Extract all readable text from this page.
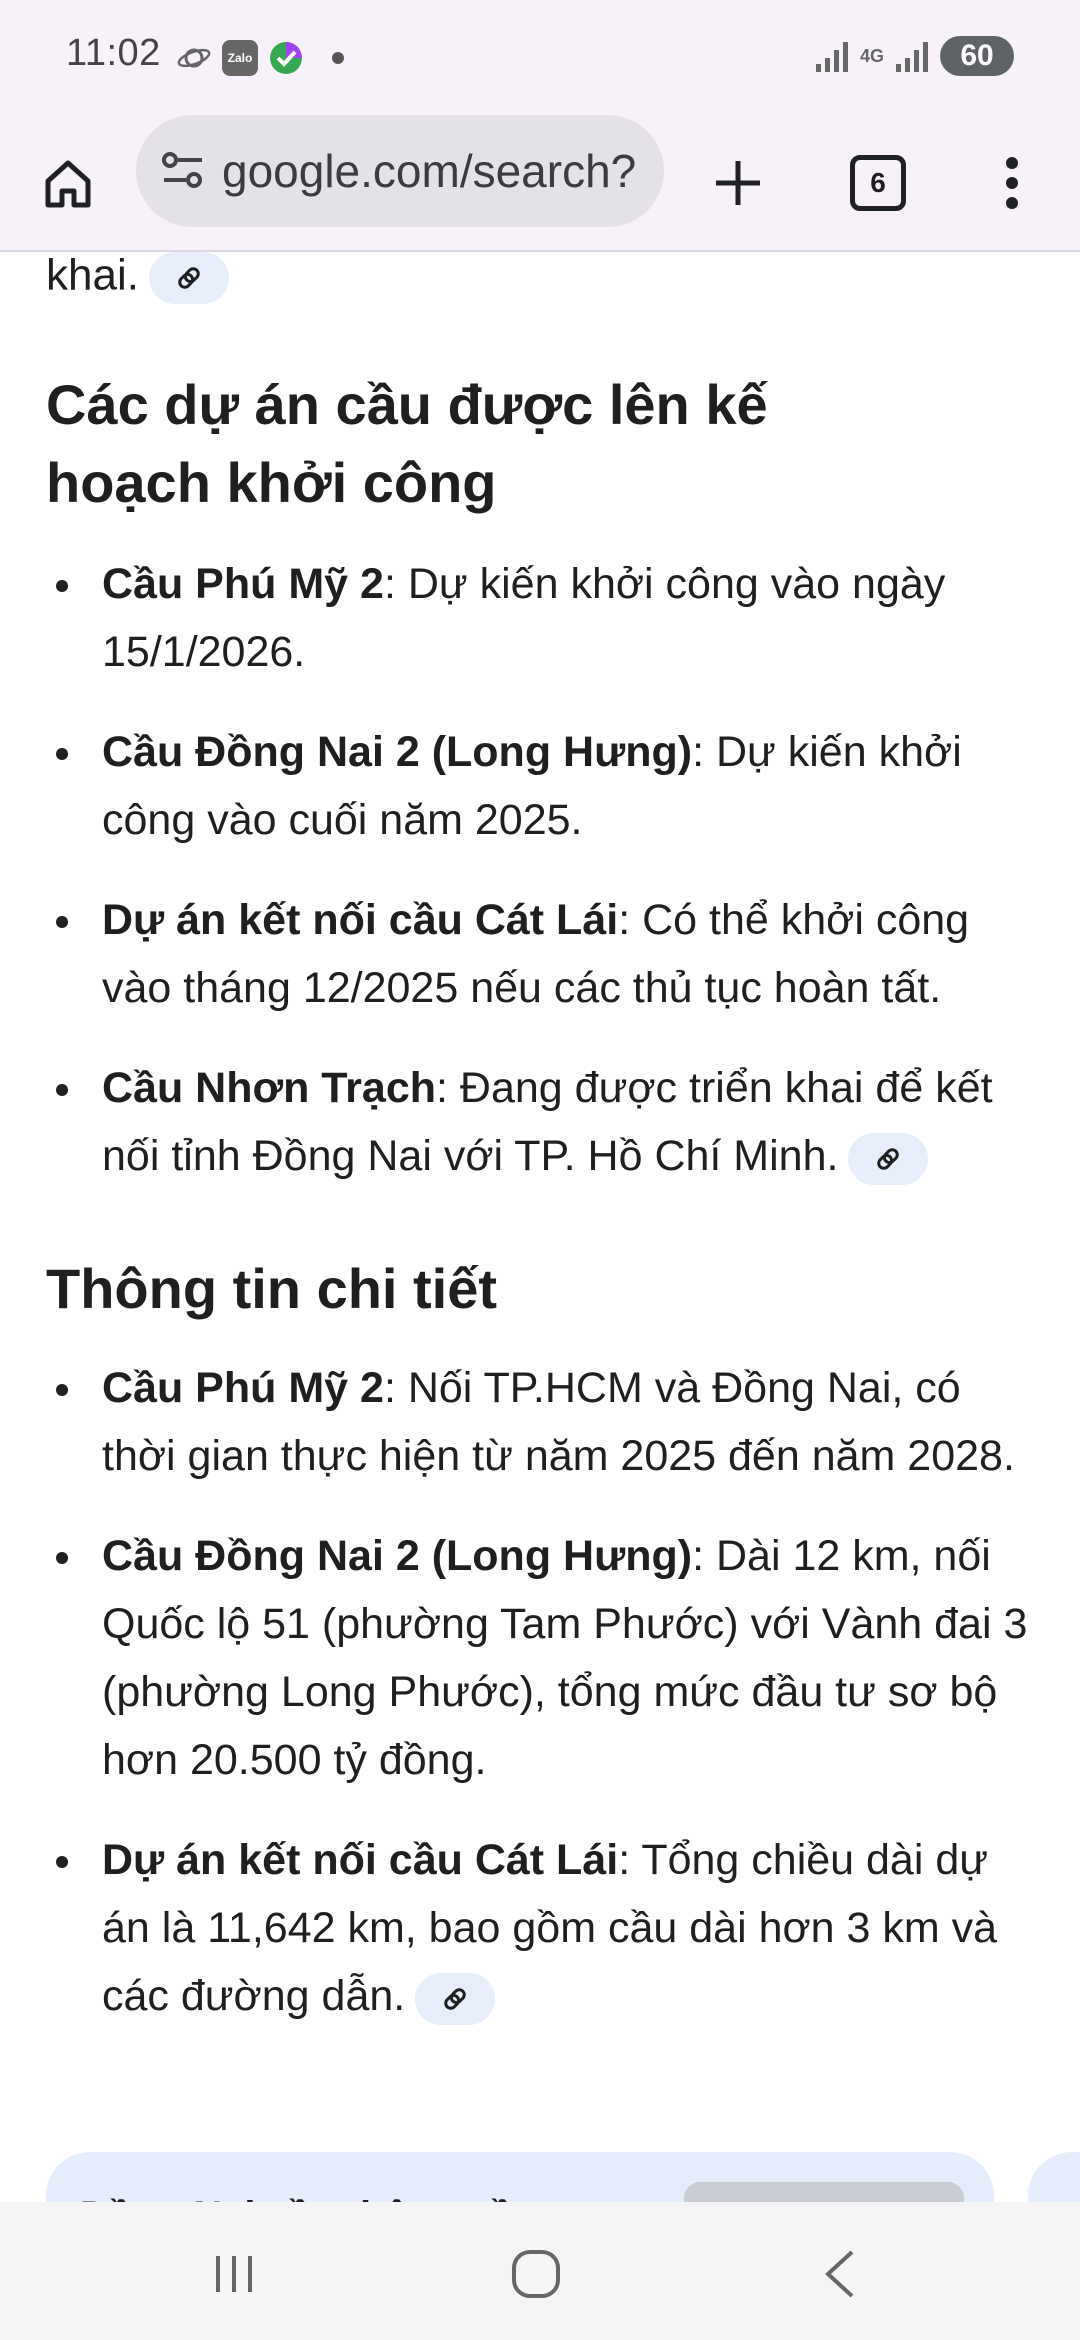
11:02	Zalo	4G	60
google.com/search?	6
khai.
Các dự án cầu được lên kế hoạch khởi công
Cầu Phú Mỹ 2: Dự kiến khởi công vào ngày 15/1/2026.
Cầu Đồng Nai 2 (Long Hưng): Dự kiến khởi công vào cuối năm 2025.
Dự án kết nối cầu Cát Lái: Có thể khởi công vào tháng 12/2025 nếu các thủ tục hoàn tất.
Cầu Nhơn Trạch: Đang được triển khai để kết nối tỉnh Đồng Nai với TP. Hồ Chí Minh.
Thông tin chi tiết
Cầu Phú Mỹ 2: Nối TP.HCM và Đồng Nai, có thời gian thực hiện từ năm 2025 đến năm 2028.
Cầu Đồng Nai 2 (Long Hưng): Dài 12 km, nối Quốc lộ 51 (phường Tam Phước) với Vành đai 3 (phường Long Phước), tổng mức đầu tư sơ bộ hơn 20.500 tỷ đồng.
Dự án kết nối cầu Cát Lái: Tổng chiều dài dự án là 11,642 km, bao gồm cầu dài hơn 3 km và các đường dẫn.
